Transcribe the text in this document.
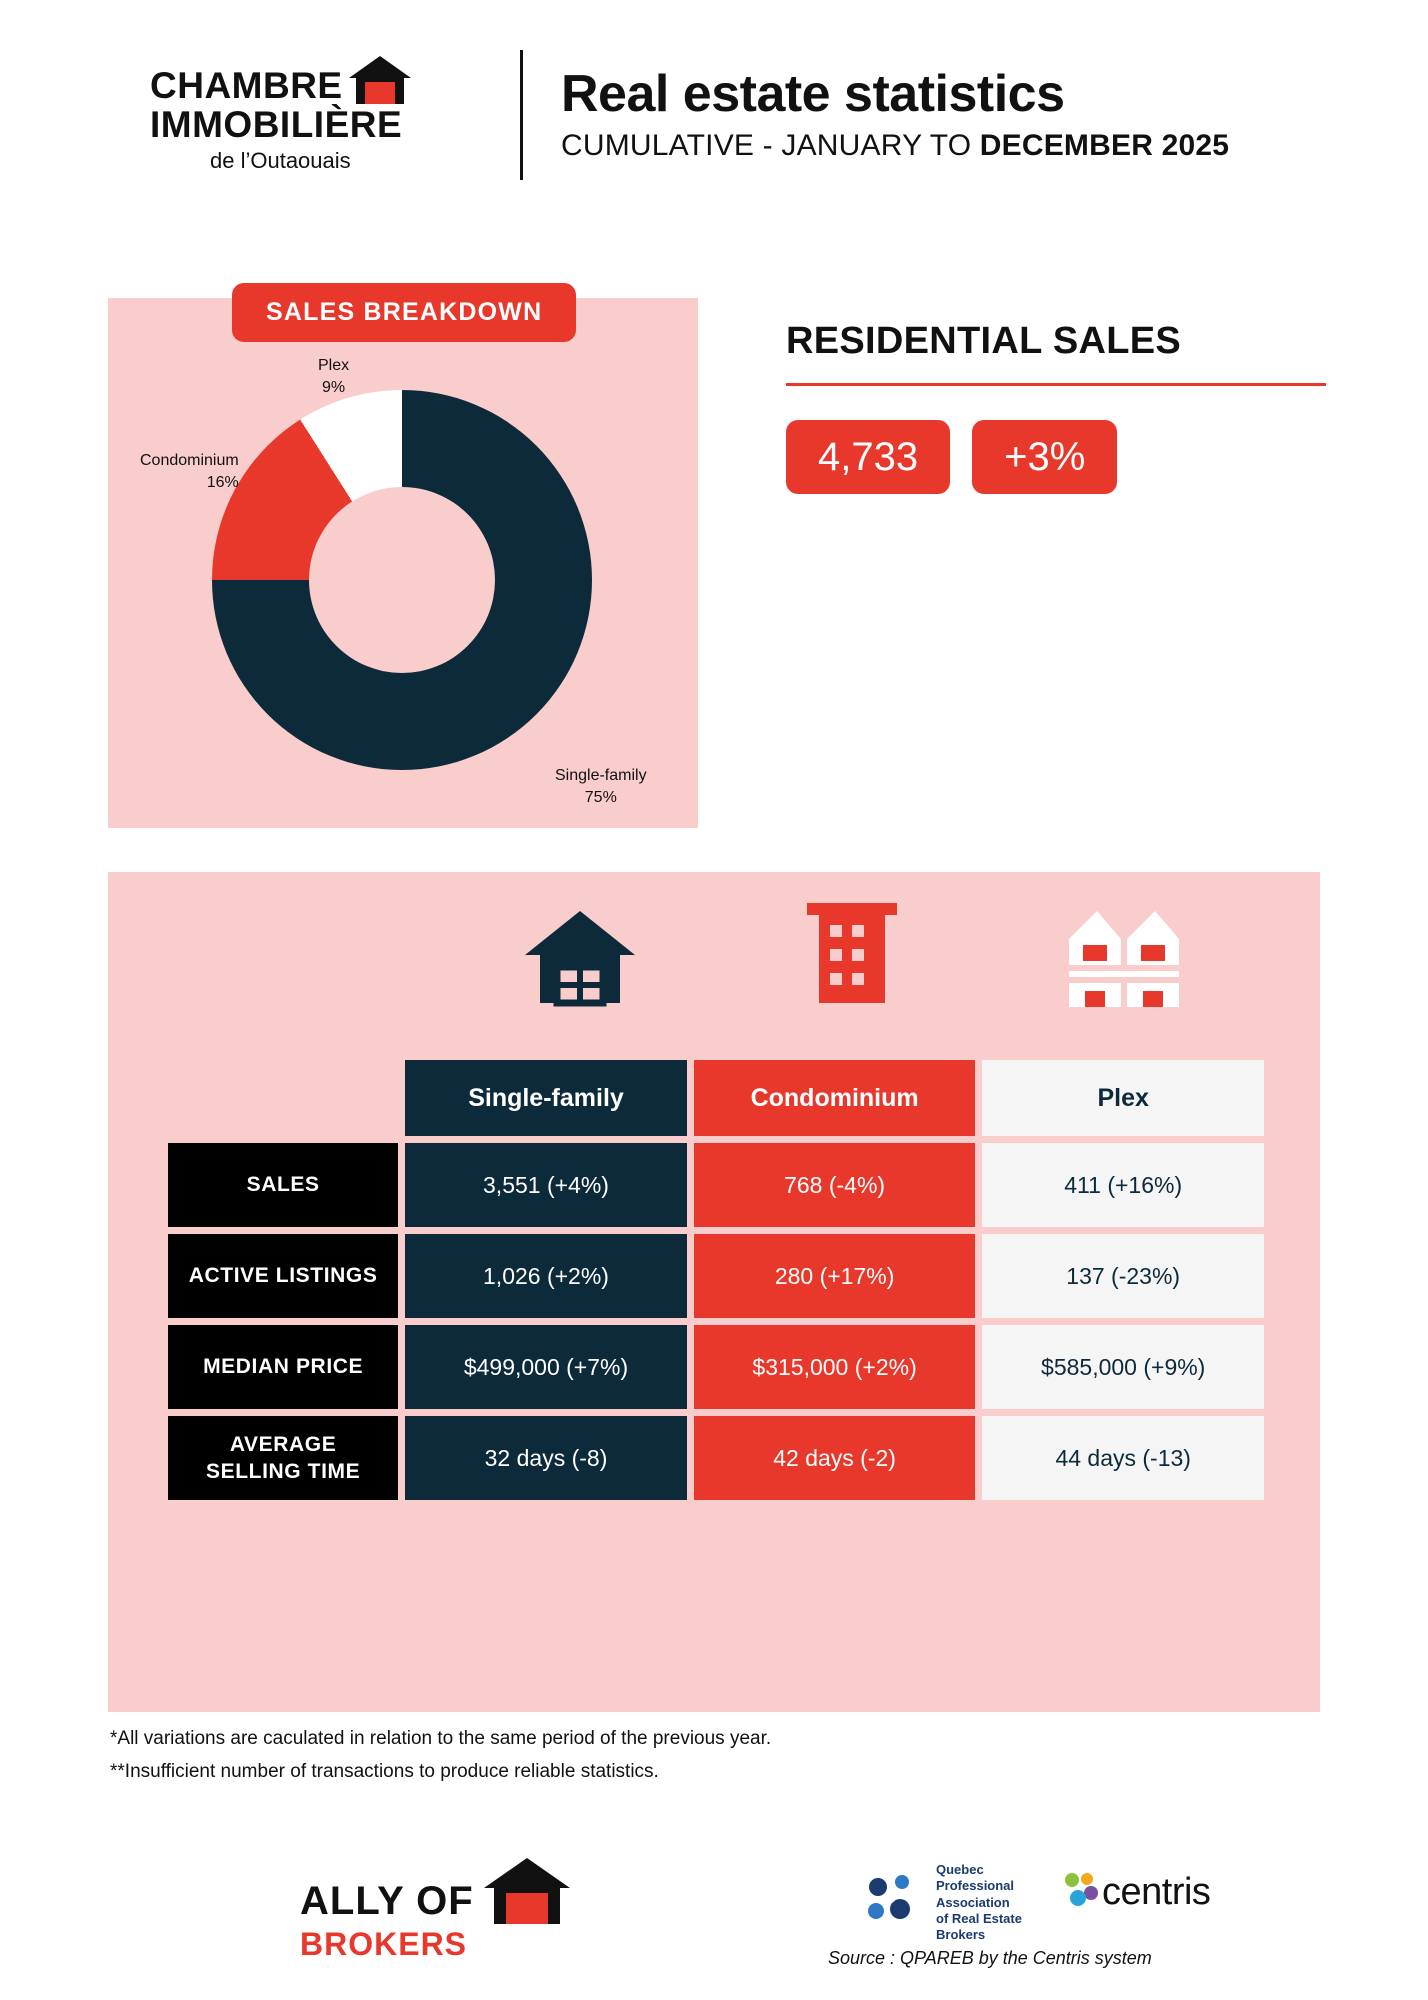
CHAMBRE
IMMOBILIÈRE
de l’Outaouais
Real estate statistics
CUMULATIVE - JANUARY TO DECEMBER 2025
SALES BREAKDOWN
Plex
9%
Condominium
16%
Single-family
75%
RESIDENTIAL SALES
4,733	+3%
	Single-family	Condominium	Plex
SALES	3,551 (+4%)	768 (-4%)	411 (+16%)
ACTIVE LISTINGS	1,026 (+2%)	280 (+17%)	137 (-23%)
MEDIAN PRICE	$499,000 (+7%)	$315,000 (+2%)	$585,000 (+9%)

AVERAGE
SELLING TIME	32 days (-8)	42 days (-2)	44 days (-13)
*All variations are caculated in relation to the same period of the previous year.
**Insufficient number of transactions to produce reliable statistics.
ALLY OF
BROKERS
Quebec
Professional
Association
of Real Estate
Brokers
centris
Source : QPAREB by the Centris system
